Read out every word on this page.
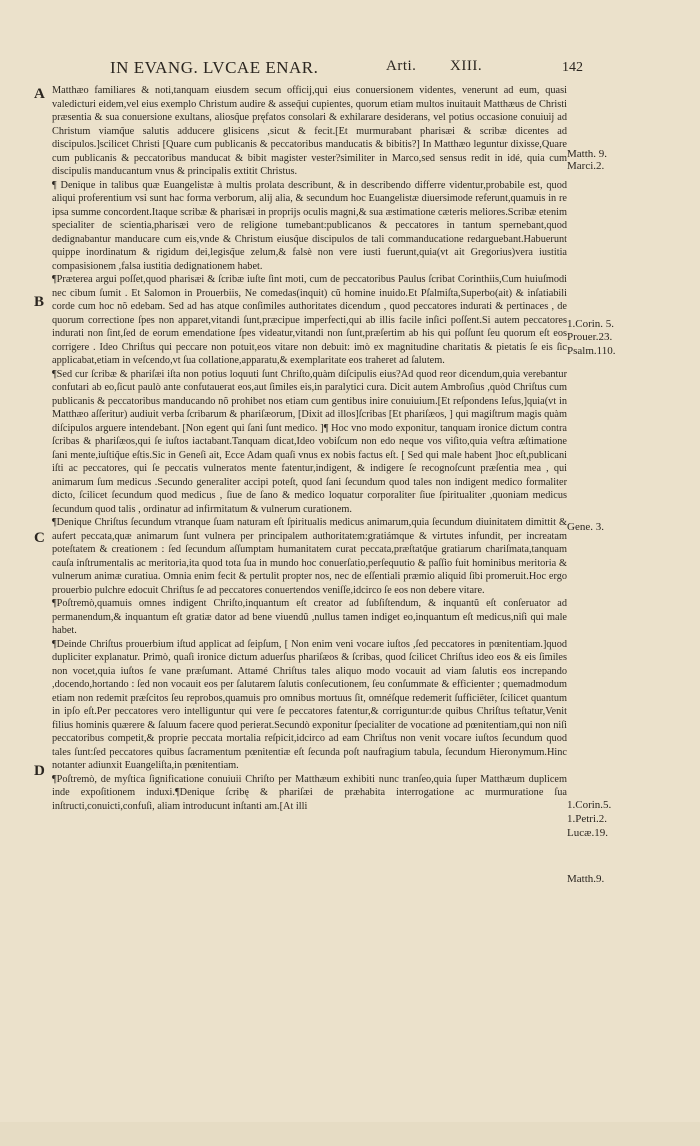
IN EVANG. LVCAE ENAR.	Arti. XIII.	142
A
B
C
D
Matth. 9.
Marci.2.
1.Corin. 5.
Prouer.23.
Psalm.110.
Gene. 3.
1.Corin.5.
1.Petri.2.
Lucæ.19.
Matth.9.

Matthæo familiares & noti,tanquam eiusdem secum officij,qui eius conuersionem videntes, venerunt ad eum, quasi valedicturi eidem,vel eius exemplo Christum audire & asseq̃ui cupientes, quorum etiam multos inuitauit Matthæus de Christi præsentia & sua conuersione exultans, aliosq̃ue pręfatos consolari & exhilarare desiderans, vel potius occasione conuiuij ad Christum viamq̃ue salutis adducere glisicens ,sicut & fecit.[Et murmurabant pharisæi & scribæ dicentes ad discipulos.]scilicet Christi [Quare cum publicanis & peccatoribus manducatis & bibitis?] In Matthæo leguntur dixisse,Quare cum publicanis & peccatoribus manducat & bibit magister vester?similiter in Marco,sed sensus redit in idé, quia cum discipulis manducantum vnus & principalis extitit Christus.

¶ Denique in talibus quæ Euangelistæ à multis prolata describunt, & in describendo differre videntur,probabile est, quod aliqui proferentium vsi sunt hac forma verborum, alij alia, & secundum hoc Euangelistæ diuersimode referunt,quamuis in re ipsa summe concordent.Itaque scribæ & pharisæi in proprijs oculis magni,& sua æstimatione cæteris meliores.Scribæ etenim specialiter de scientia,pharisæi vero de religione tumebant:publicanos & peccatores in tantum spernebant,quod dedignabantur manducare cum eis,vnde & Christum eiusq̃ue discipulos de tali commanducatione redarguebant.Habuerunt quippe inordinatum & rigidum dei,legisq̃ue zelum,& falsè non vere iusti fuerunt,quia(vt ait Gregorius)vera iustitia compasisionem ,falsa iustitia dedignationem habet.

¶Præterea argui poſſet,quod pharisæi & ſcribæ iuſte ſint moti, cum de peccatoribus Paulus ſcribat Corinthiis,Cum huiuſmodi nec cibum ſumit . Et Salomon in Prouerbiis, Ne comedas(inquit) cũ homine inuido.Et Pſalmiſta,Superbo(ait) & inſatiabili corde cum hoc nõ edebam. Sed ad has atque conſimiles authoritates dicendum , quod peccatores indurati & pertinaces , de quorum correctione ſpes non apparet,vitandi ſunt,præcipue imperfecti,qui ab illis facile inſici poſſent.Si autem peccatores indurati non ſint,ſed de eorum emendatione ſpes videatur,vitandi non ſunt,præſertim ab his qui poſſunt ſeu quorum eſt eos corrigere . Ideo Chriſtus qui peccare non potuit,eos vitare non debuit: imò ex magnitudine charitatis & pietatis ſe eis ſic applicabat,etiam in veſcendo,vt ſua collatione,apparatu,& exemplaritate eos traheret ad ſalutem.

¶Sed cur ſcribæ & phariſæi iſta non potius loquuti ſunt Chriſto,quàm diſcipulis eius?Ad quod reor dicendum,quia verebantur confutari ab eo,ſicut paulò ante confutauerat eos,aut ſimiles eis,in paralytici cura. Dicit autem Ambroſius ,quòd Chriſtus cum publicanis & peccatoribus manducando nõ prohibet nos etiam cum gentibus inire conuiuium.[Et reſpondens Ieſus,]quia(vt in Matthæo aſſeritur) audiuit verba ſcribarum & phariſæorum, [Dixit ad illos]ſcribas [Et phariſæos, ] qui magiſtrum magis quàm diſcipulos arguere intendebant. [Non egent qui ſani ſunt medico. ]¶ Hoc vno modo exponitur, tanquam ironice dictum contra ſcribas & phariſæos,qui ſe iuſtos iactabant.Tanquam dicat,Ideo vobiſcum non edo neque vos viſito,quia veſtra æſtimatione ſani mente,iuſtiq̃ue eſtis.Sic in Geneſi ait, Ecce Adam quaſi vnus ex nobis factus eſt. [ Sed qui male habent ]hoc eſt,publicani iſti ac peccatores, qui ſe peccatis vulneratos mente fatentur,indigent, & indigere ſe recognoſcunt præſentia mea , qui animarum ſum medicus .Secundo generaliter accipi poteſt, quod ſani ſecundum quod tales non indigent medico formaliter dicto, ſcilicet ſecundum quod medicus , ſiue de ſano & medico loquatur corporaliter ſiue ſpiritualiter ,quoniam medicus ſecundum quod talis , ordinatur ad infirmitatum & vulnerum curationem.

¶Denique Chriſtus ſecundum vtranque ſuam naturam eſt ſpiritualis medicus animarum,quia ſecundum diuinitatem dimittit & aufert peccata,quæ animarum ſunt vulnera per principalem authoritatem:gratiámque & virtutes infundit, per increatam poteſtatem & creationem : ſed ſecundum aſſumptam humanitatem curat peccata,præſtatq̃ue gratiarum chariſmata,tanquam cauſa inſtrumentalis ac meritoria,ita quod tota ſua in mundo hoc conuerſatio,perſequutio & paſſio fuit hominibus meritoria & vulnerum animæ curatiua. Omnia enim fecit & pertulit propter nos, nec de eſſentiali præmio aliquid ſibi promeruit.Hoc ergo prouerbio pulchre edocuit Chriſtus ſe ad peccatores conuertendos veniſſe,idcirco ſe eos non debere vitare.

¶Poſtremò,quamuis omnes indigent Chriſto,inquantum eſt creator ad ſubſiſtendum, & inquantũ eſt conſeruator ad permanendum,& inquantum eſt gratiæ dator ad bene viuendũ ,nullus tamen indiget eo,inquantum eſt medicus,niſi qui male habet.

¶Deinde Chriſtus prouerbium iſtud applicat ad ſeipſum, [ Non enim veni vocare iuſtos ,ſed peccatores in pœnitentiam.]quod dupliciter explanatur. Primò, quaſi ironice dictum aduerſus phariſæos & ſcribas, quod ſcilicet Chriſtus ideo eos & eis ſimiles non vocet,quia iuſtos ſe vane præſumant. Attamé Chriſtus tales aliquo modo vocauit ad viam ſalutis eos increpando ,docendo,hortando : ſed non vocauit eos per ſalutarem ſalutis conſecutionem, ſeu conſummate & efficienter ; quemadmodum etiam non redemit præſcitos ſeu reprobos,quamuis pro omnibus mortuus ſit, omnéſque redemerit ſufficiëter, ſcilicet quantum in ipſo eſt.Per peccatores vero intelliguntur qui vere ſe peccatores fatentur,& corriguntur:de quibus Chriſtus teſtatur,Venit filius hominis quærere & ſaluum facere quod perierat.Secundò exponitur ſpecialiter de vocatione ad pœnitentiam,qui non niſi peccatoribus competit,& proprie peccata mortalia reſpicit,idcirco ad eam Chriſtus non venit vocare iuſtos ſecundum quod tales ſunt:ſed peccatores quibus ſacramentum pœnitentiæ eſt ſecunda poſt naufragium tabula, ſecundum Hieronymum.Hinc notanter adiunxit Euangeliſta,in pœnitentiam.

¶Poſtremò, de myſtica ſignificatione conuiuii Chriſto per Matthæum exhibiti nunc tranſeo,quia ſuper Matthæum duplicem inde expoſitionem induxi.¶Denique ſcribę & phariſæi de præhabita interrogatione ac murmuratione ſua inſtructi,conuicti,confuſi, aliam introducunt inſtanti am.[At illi
